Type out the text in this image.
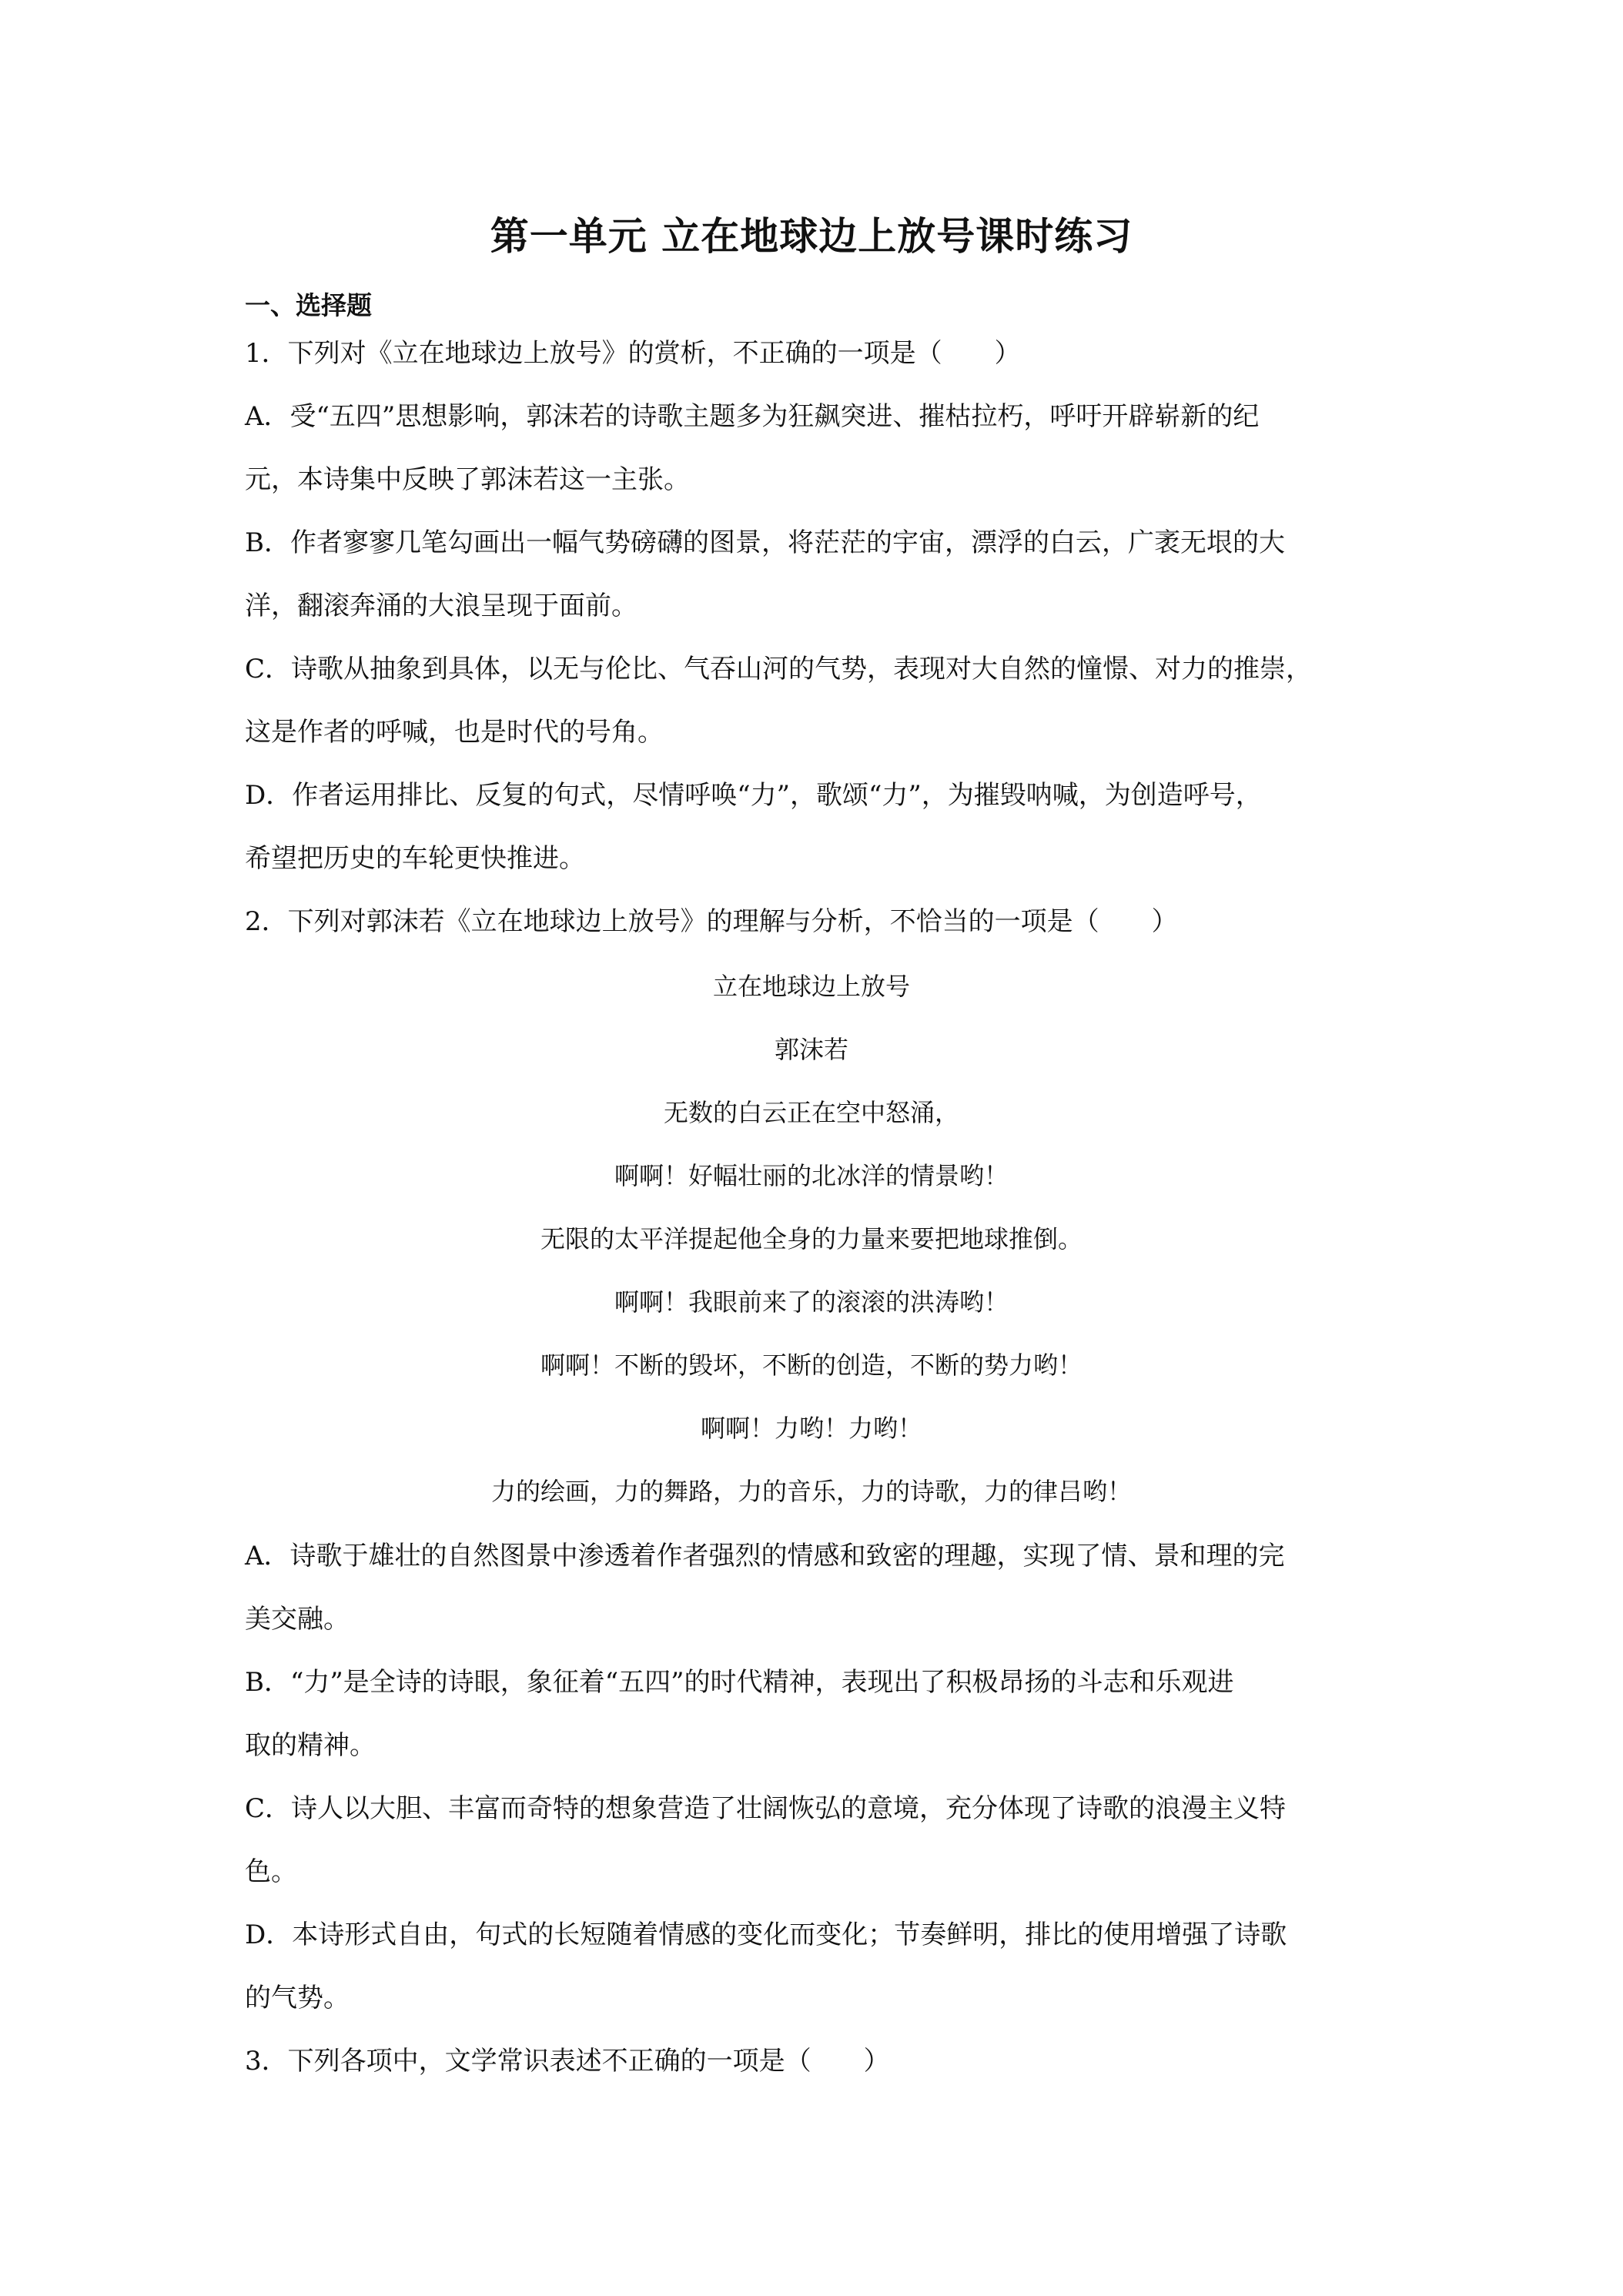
第一单元 立在地球边上放号课时练习
一、选择题
1．下列对《立在地球边上放号》的赏析，不正确的一项是（　　）
A．受“五四”思想影响，郭沫若的诗歌主题多为狂飙突进、摧枯拉朽，呼吁开辟崭新的纪
元，本诗集中反映了郭沫若这一主张。
B．作者寥寥几笔勾画出一幅气势磅礴的图景，将茫茫的宇宙，漂浮的白云，广袤无垠的大
洋，翻滚奔涌的大浪呈现于面前。
C．诗歌从抽象到具体，以无与伦比、气吞山河的气势，表现对大自然的憧憬、对力的推崇，
这是作者的呼喊，也是时代的号角。
D．作者运用排比、反复的句式，尽情呼唤“力”，歌颂“力”，为摧毁呐喊，为创造呼号，
希望把历史的车轮更快推进。
2．下列对郭沫若《立在地球边上放号》的理解与分析，不恰当的一项是（　　）
立在地球边上放号
郭沫若
无数的白云正在空中怒涌，
啊啊！好幅壮丽的北冰洋的情景哟！
无限的太平洋提起他全身的力量来要把地球推倒。
啊啊！我眼前来了的滚滚的洪涛哟！
啊啊！不断的毁坏，不断的创造，不断的势力哟！
啊啊！力哟！力哟！
力的绘画，力的舞路，力的音乐，力的诗歌，力的律吕哟！
A．诗歌于雄壮的自然图景中渗透着作者强烈的情感和致密的理趣，实现了情、景和理的完
美交融。
B．“力”是全诗的诗眼，象征着“五四”的时代精神，表现出了积极昂扬的斗志和乐观进
取的精神。
C．诗人以大胆、丰富而奇特的想象营造了壮阔恢弘的意境，充分体现了诗歌的浪漫主义特
色。
D．本诗形式自由，句式的长短随着情感的变化而变化；节奏鲜明，排比的使用增强了诗歌
的气势。
3．下列各项中，文学常识表述不正确的一项是（　　）
